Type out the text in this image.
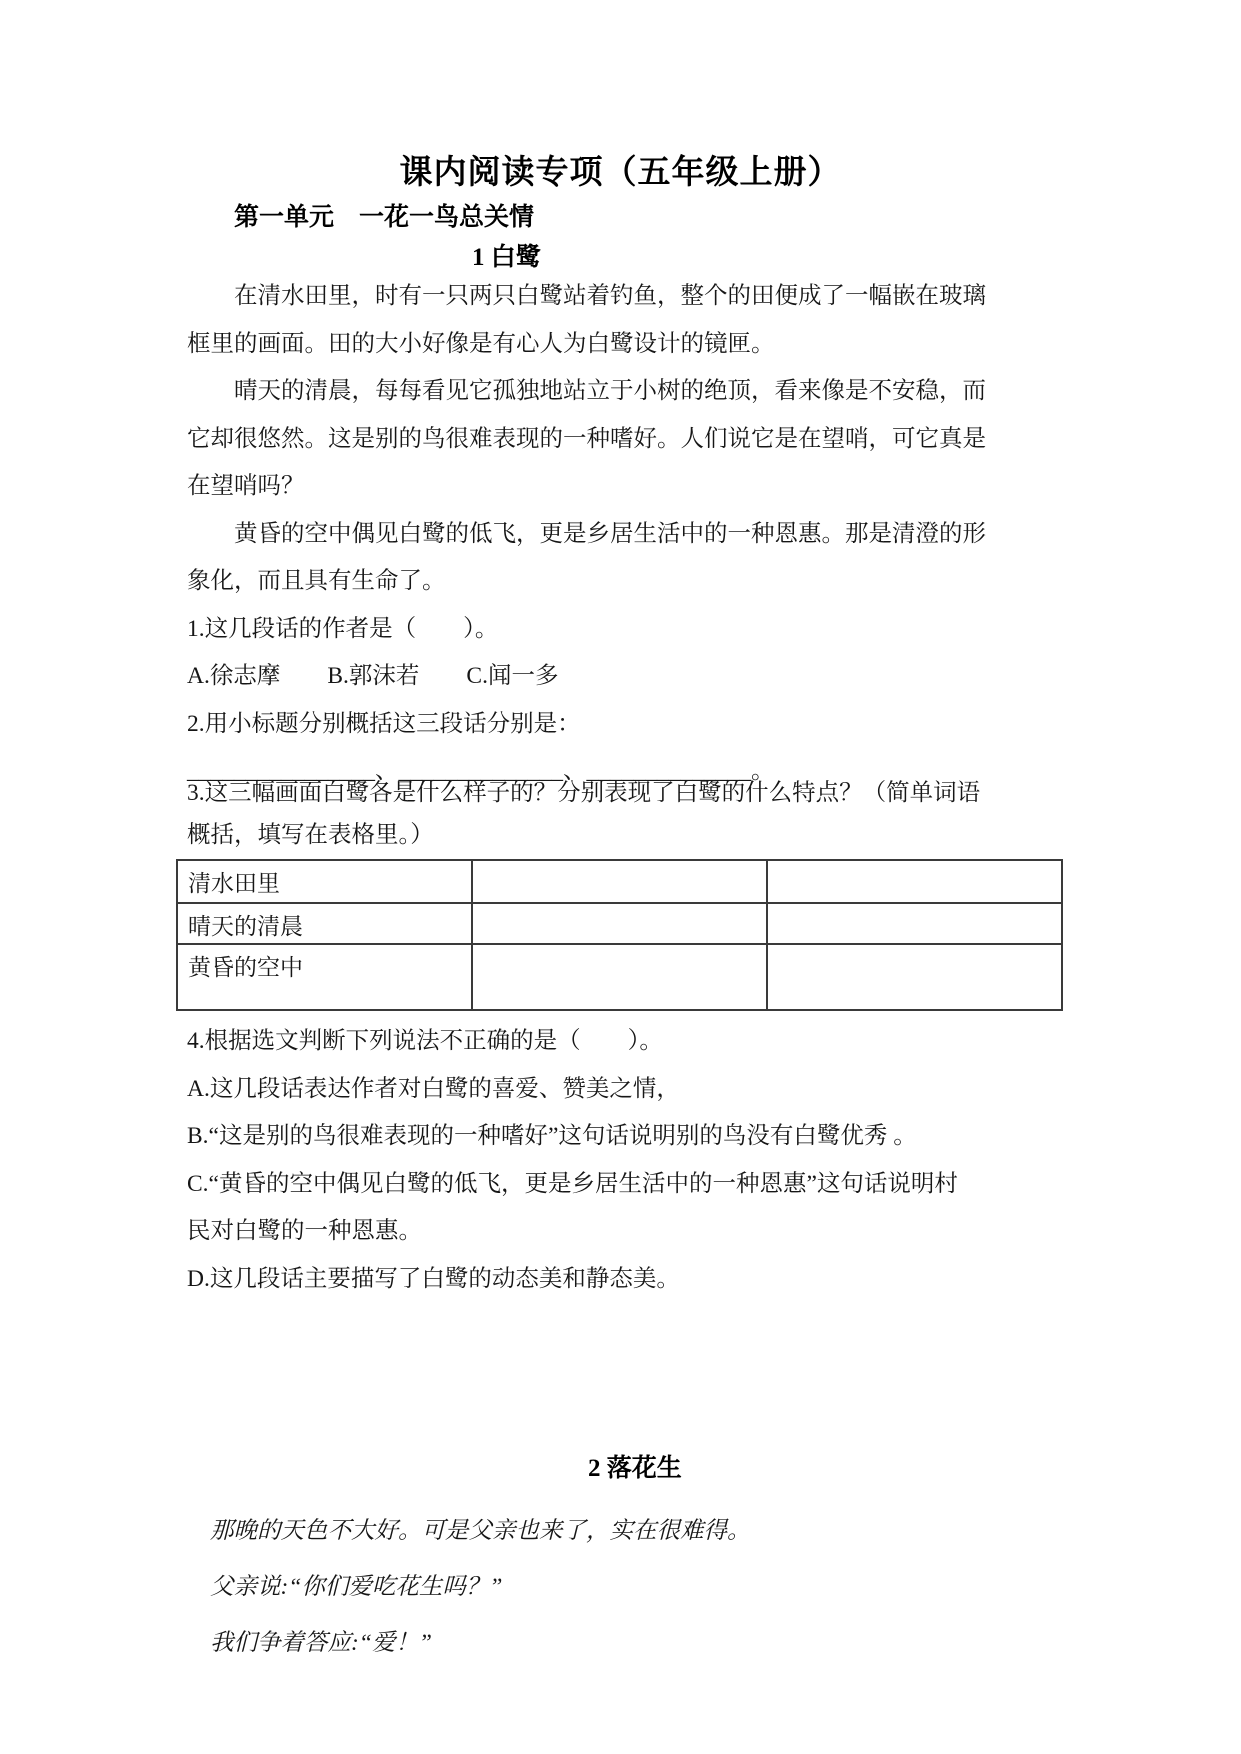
课内阅读专项（五年级上册）
第一单元　一花一鸟总关情
1 白鹭
在清水田里，时有一只两只白鹭站着钓鱼，整个的田便成了一幅嵌在玻璃
框里的画面。田的大小好像是有心人为白鹭设计的镜匣。
晴天的清晨，每每看见它孤独地站立于小树的绝顶，看来像是不安稳，而
它却很悠然。这是别的鸟很难表现的一种嗜好。人们说它是在望哨，可它真是
在望哨吗？
黄昏的空中偶见白鹭的低飞，更是乡居生活中的一种恩惠。那是清澄的形
象化，而且具有生命了。
1.这几段话的作者是（　　）。
A.徐志摩　　B.郭沫若　　C.闻一多
2.用小标题分别概括这三段话分别是：
________________、______________、______________。
3.这三幅画面白鹭各是什么样子的？分别表现了白鹭的什么特点？（简单词语
概括，填写在表格里。）
清水田里		
晴天的清晨		
黄昏的空中		
4.根据选文判断下列说法不正确的是（　　）。
A.这几段话表达作者对白鹭的喜爱、赞美之情，
B.“这是别的鸟很难表现的一种嗜好”这句话说明别的鸟没有白鹭优秀 。
C.“黄昏的空中偶见白鹭的低飞，更是乡居生活中的一种恩惠”这句话说明村
民对白鹭的一种恩惠。
D.这几段话主要描写了白鹭的动态美和静态美。
2 落花生
那晚的天色不大好。可是父亲也来了，实在很难得。
父亲说:“你们爱吃花生吗？”
我们争着答应:“爱！”
